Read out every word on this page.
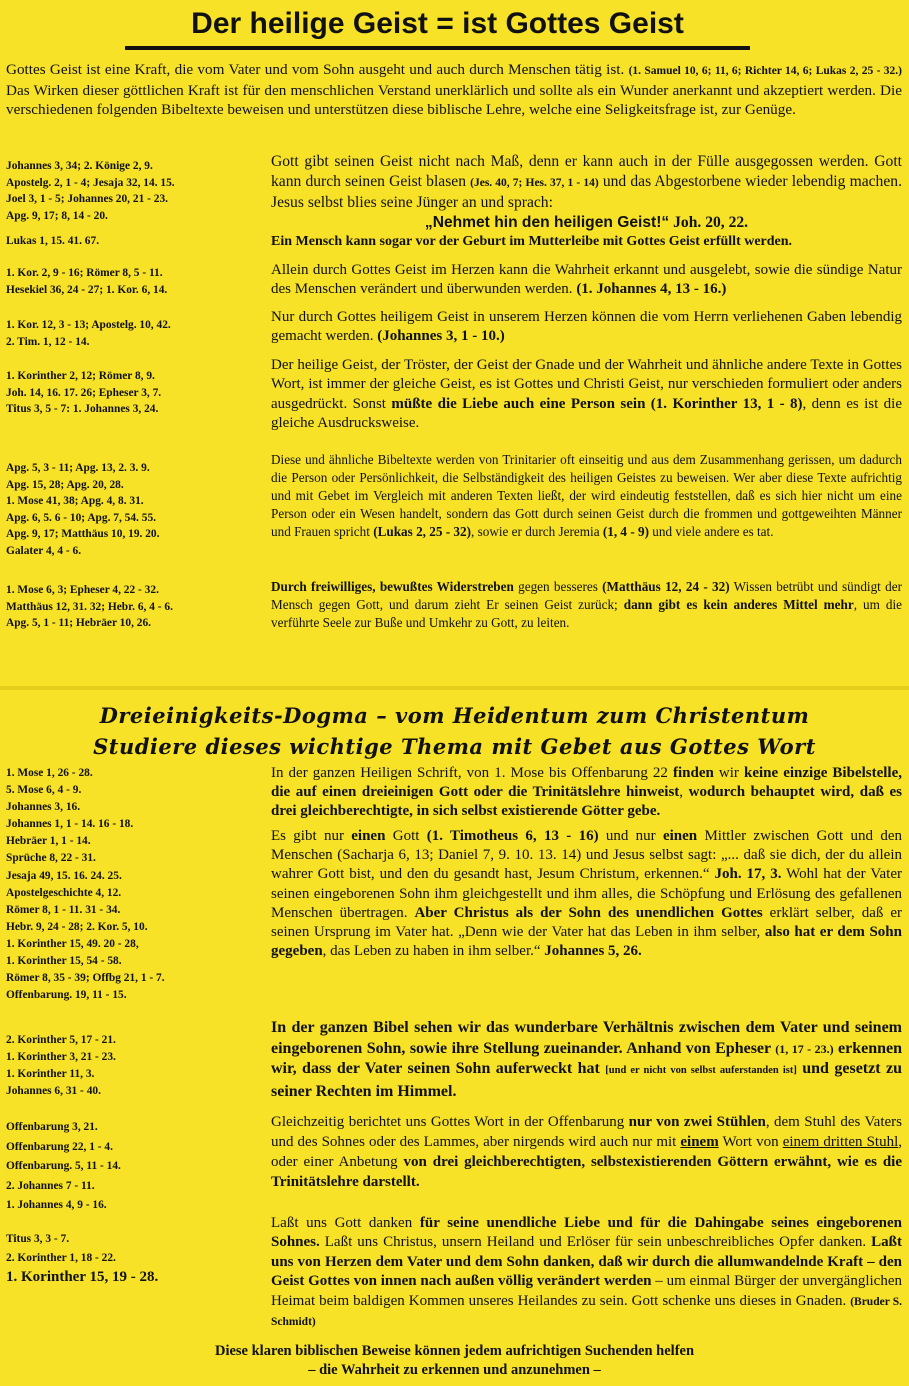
Der heilige Geist = ist Gottes Geist
Gottes Geist ist eine Kraft, die vom Vater und vom Sohn ausgeht und auch durch Menschen tätig ist. (1. Samuel 10, 6; 11, 6; Richter 14, 6; Lukas 2, 25 - 32.) Das Wirken dieser göttlichen Kraft ist für den menschlichen Verstand unerklärlich und sollte als ein Wunder anerkannt und akzeptiert werden. Die verschiedenen folgenden Bibeltexte beweisen und unterstützen diese biblische Lehre, welche eine Seligkeitsfrage ist, zur Genüge.
Johannes 3, 34; 2. Könige 2, 9.
Apostelg. 2, 1 - 4; Jesaja 32, 14. 15.
Joel 3, 1 - 5; Johannes 20, 21 - 23.
Apg. 9, 17; 8, 14 - 20.
Gott gibt seinen Geist nicht nach Maß, denn er kann auch in der Fülle ausgegossen werden. Gott kann durch seinen Geist blasen (Jes. 40, 7; Hes. 37, 1 - 14) und das Abgestorbene wieder lebendig machen. Jesus selbst blies seine Jünger an und sprach:
„Nehmet hin den heiligen Geist!“ Joh. 20, 22.
Lukas 1, 15. 41. 67.	Ein Mensch kann sogar vor der Geburt im Mutterleibe mit Gottes Geist erfüllt werden.
1. Kor. 2, 9 - 16; Römer 8, 5 - 11.
Hesekiel 36, 24 - 27; 1. Kor. 6, 14.
Allein durch Gottes Geist im Herzen kann die Wahrheit erkannt und ausgelebt, sowie die sündige Natur des Menschen verändert und überwunden werden. (1. Johannes 4, 13 - 16.)
1. Kor. 12, 3 - 13; Apostelg. 10, 42.
2. Tim. 1, 12 - 14.
Nur durch Gottes heiligem Geist in unserem Herzen können die vom Herrn verliehenen Gaben lebendig gemacht werden. (Johannes 3, 1 - 10.)
1. Korinther 2, 12; Römer 8, 9.
Joh. 14, 16. 17. 26; Epheser 3, 7.
Titus 3, 5 - 7: 1. Johannes 3, 24.
Der heilige Geist, der Tröster, der Geist der Gnade und der Wahrheit und ähnliche andere Texte in Gottes Wort, ist immer der gleiche Geist, es ist Gottes und Christi Geist, nur verschieden formuliert oder anders ausgedrückt. Sonst müßte die Liebe auch eine Person sein (1. Korinther 13, 1 - 8), denn es ist die gleiche Ausdrucksweise.
Apg. 5, 3 - 11; Apg. 13, 2. 3. 9.
Apg. 15, 28; Apg. 20, 28.
1. Mose 41, 38; Apg. 4, 8. 31.
Apg. 6, 5. 6 - 10; Apg. 7, 54. 55.
Apg. 9, 17; Matthäus 10, 19. 20.
Galater 4, 4 - 6.
Diese und ähnliche Bibeltexte werden von Trinitarier oft einseitig und aus dem Zusammenhang gerissen, um dadurch die Person oder Persönlichkeit, die Selbständigkeit des heiligen Geistes zu beweisen. Wer aber diese Texte aufrichtig und mit Gebet im Vergleich mit anderen Texten ließt, der wird eindeutig feststellen, daß es sich hier nicht um eine Person oder ein Wesen handelt, sondern das Gott durch seinen Geist durch die frommen und gottgeweihten Männer und Frauen spricht (Lukas 2, 25 - 32), sowie er durch Jeremia (1, 4 - 9) und viele andere es tat.
1. Mose 6, 3; Epheser 4, 22 - 32.
Matthäus 12, 31. 32; Hebr. 6, 4 - 6.
Apg. 5, 1 - 11; Hebräer 10, 26.
Durch freiwilliges, bewußtes Widerstreben gegen besseres (Matthäus 12, 24 - 32) Wissen betrübt und sündigt der Mensch gegen Gott, und darum zieht Er seinen Geist zurück; dann gibt es kein anderes Mittel mehr, um die verführte Seele zur Buße und Umkehr zu Gott, zu leiten.
Dreieinigkeits-Dogma – vom Heidentum zum Christentum
Studiere dieses wichtige Thema mit Gebet aus Gottes Wort
1. Mose 1, 26 - 28.
5. Mose 6, 4 - 9.
Johannes 3, 16.
Johannes 1, 1 - 14. 16 - 18.
Hebräer 1, 1 - 14.
Sprüche 8, 22 - 31.
Jesaja 49, 15. 16. 24. 25.
Apostelgeschichte 4, 12.
Römer 8, 1 - 11. 31 - 34.
Hebr. 9, 24 - 28; 2. Kor. 5, 10.
1. Korinther 15, 49. 20 - 28,
1. Korinther 15, 54 - 58.
Römer 8, 35 - 39; Offbg 21, 1 - 7.
Offenbarung. 19, 11 - 15.
In der ganzen Heiligen Schrift, von 1. Mose bis Offenbarung 22 finden wir keine einzige Bibelstelle, die auf einen dreieinigen Gott oder die Trinitätslehre hinweist, wodurch behauptet wird, daß es drei gleichberechtigte, in sich selbst existierende Götter gebe.
Es gibt nur einen Gott (1. Timotheus 6, 13 - 16) und nur einen Mittler zwischen Gott und den Menschen (Sacharja 6, 13; Daniel 7, 9. 10. 13. 14) und Jesus selbst sagt: „... daß sie dich, der du allein wahrer Gott bist, und den du gesandt hast, Jesum Christum, erkennen.“ Joh. 17, 3. Wohl hat der Vater seinen eingeborenen Sohn ihm gleichgestellt und ihm alles, die Schöpfung und Erlösung des gefallenen Menschen übertragen. Aber Christus als der Sohn des unendlichen Gottes erklärt selber, daß er seinen Ursprung im Vater hat. „Denn wie der Vater hat das Leben in ihm selber, also hat er dem Sohn gegeben, das Leben zu haben in ihm selber.“ Johannes 5, 26.
2. Korinther 5, 17 - 21.
1. Korinther 3, 21 - 23.
1. Korinther 11, 3.
Johannes 6, 31 - 40.
In der ganzen Bibel sehen wir das wunderbare Verhältnis zwischen dem Vater und seinem eingeborenen Sohn, sowie ihre Stellung zueinander. Anhand von Epheser (1, 17 - 23.) erkennen wir, dass der Vater seinen Sohn auferweckt hat [und er nicht von selbst auferstanden ist] und gesetzt zu seiner Rechten im Himmel.
Offenbarung 3, 21.
Offenbarung 22, 1 - 4.
Offenbarung. 5, 11 - 14.
2. Johannes 7 - 11.
1. Johannes 4, 9 - 16.
Gleichzeitig berichtet uns Gottes Wort in der Offenbarung nur von zwei Stühlen, dem Stuhl des Vaters und des Sohnes oder des Lammes, aber nirgends wird auch nur mit einem Wort von einem dritten Stuhl, oder einer Anbetung von drei gleichberechtigten, selbstexistierenden Göttern erwähnt, wie es die Trinitätslehre darstellt.
Titus 3, 3 - 7.
2. Korinther 1, 18 - 22.
1. Korinther 15, 19 - 28.
Laßt uns Gott danken für seine unendliche Liebe und für die Dahingabe seines eingeborenen Sohnes. Laßt uns Christus, unsern Heiland und Erlöser für sein unbeschreibliches Opfer danken. Laßt uns von Herzen dem Vater und dem Sohn danken, daß wir durch die allumwandelnde Kraft – den Geist Gottes von innen nach außen völlig verändert werden – um einmal Bürger der unvergänglichen Heimat beim baldigen Kommen unseres Heilandes zu sein. Gott schenke uns dieses in Gnaden. (Bruder S. Schmidt)
Diese klaren biblischen Beweise können jedem aufrichtigen Suchenden helfen
– die Wahrheit zu erkennen und anzunehmen –
